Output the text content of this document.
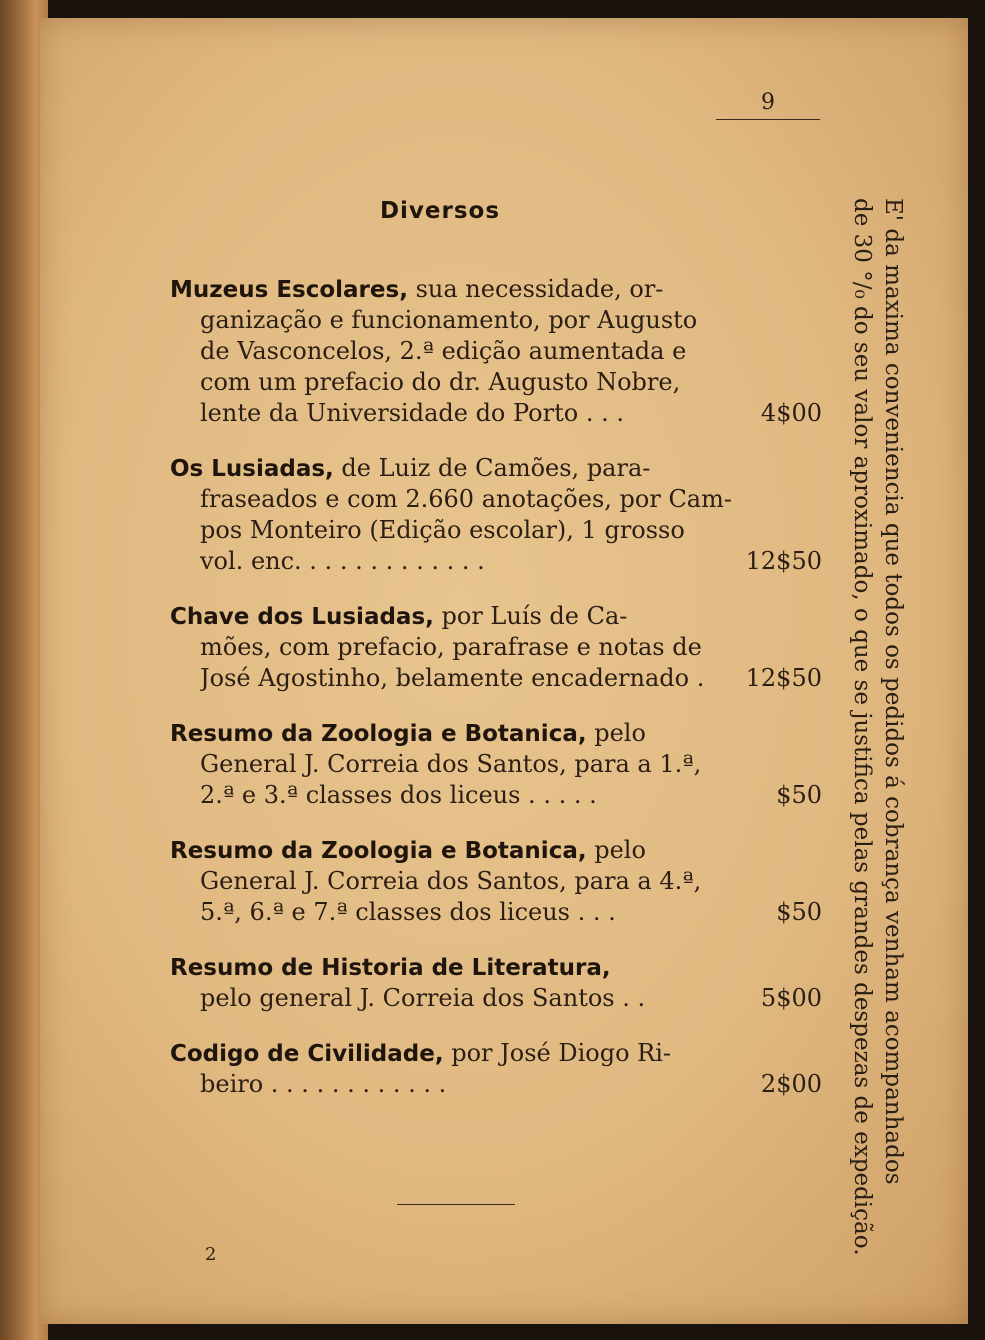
9
Diversos
Muzeus Escolares, sua necessidade, or-
ganização e funcionamento, por Augusto
de Vasconcelos, 2.ª edição aumentada e
com um prefacio do dr. Augusto Nobre,
lente da Universidade do Porto . . .	4$00
Os Lusiadas, de Luiz de Camões, para-
fraseados e com 2.660 anotações, por Cam-
pos Monteiro (Edição escolar), 1 grosso
vol. enc. . . . . . . . . . . . .	12$50
Chave dos Lusiadas, por Luís de Ca-
mões, com prefacio, parafrase e notas de
José Agostinho, belamente encadernado .	12$50
Resumo da Zoologia e Botanica, pelo
General J. Correia dos Santos, para a 1.ª,
2.ª e 3.ª classes dos liceus . . . . .	$50
Resumo da Zoologia e Botanica, pelo
General J. Correia dos Santos, para a 4.ª,
5.ª, 6.ª e 7.ª classes dos liceus . . .	$50
Resumo de Historia de Literatura,
pelo general J. Correia dos Santos . .	5$00
Codigo de Civilidade, por José Diogo Ri-
beiro . . . . . . . . . . . .	2$00	E' da maxima conveniencia que todos os pedidos á cobrança venham acompanhados
de 30 °/₀ do seu valor aproximado, o que se justifica pelas grandes despezas de expedição.
2
